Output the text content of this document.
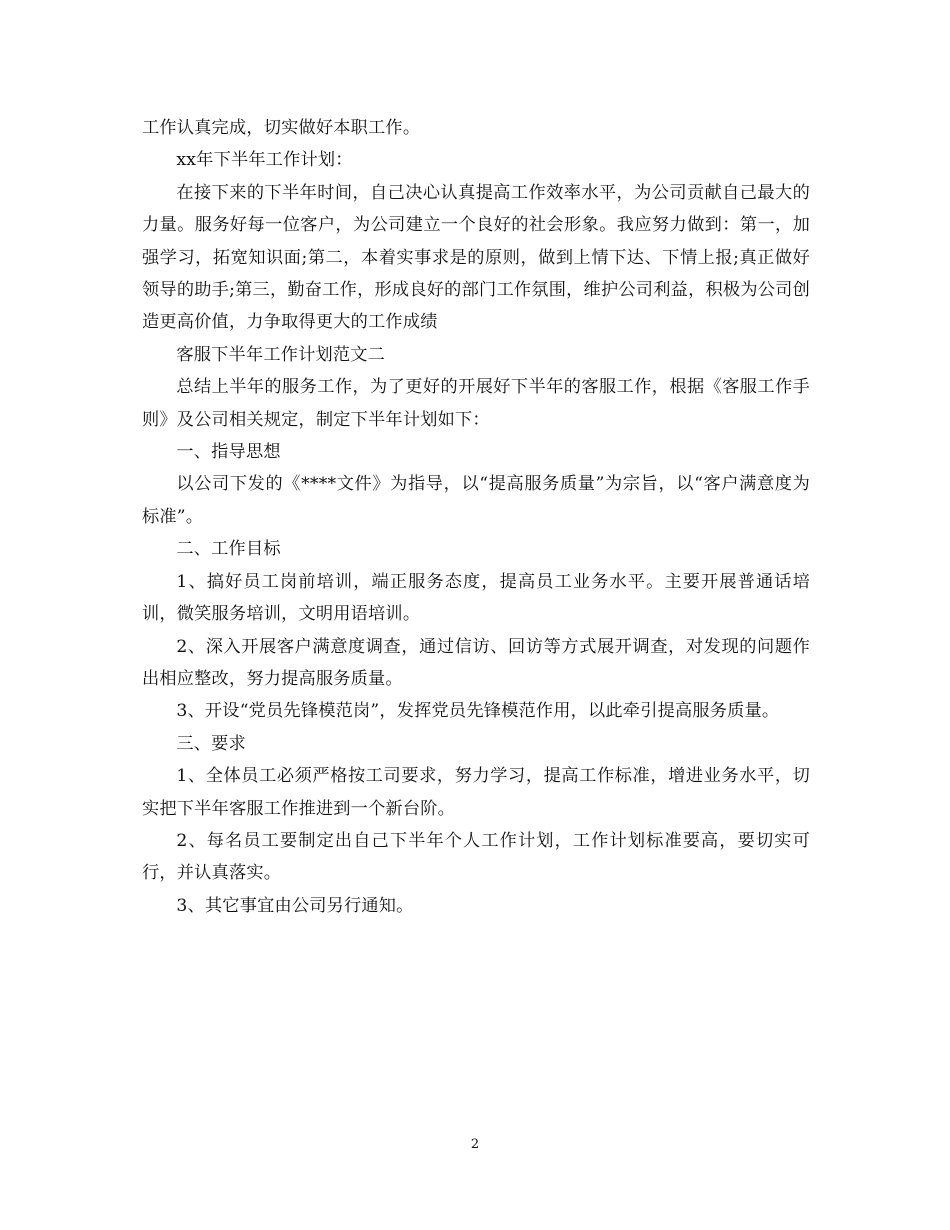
工作认真完成，切实做好本职工作。

xx年下半年工作计划：

在接下来的下半年时间，自己决心认真提高工作效率水平，为公司贡献自己最大的力量。服务好每一位客户，为公司建立一个良好的社会形象。我应努力做到：第一，加强学习，拓宽知识面;第二，本着实事求是的原则，做到上情下达、下情上报;真正做好领导的助手;第三，勤奋工作，形成良好的部门工作氛围，维护公司利益，积极为公司创造更高价值，力争取得更大的工作成绩

客服下半年工作计划范文二

总结上半年的服务工作，为了更好的开展好下半年的客服工作，根据《客服工作手则》及公司相关规定，制定下半年计划如下：

一、指导思想

以公司下发的《****文件》为指导，以“提高服务质量”为宗旨，以“客户满意度为标准”。

二、工作目标

1、搞好员工岗前培训，端正服务态度，提高员工业务水平。主要开展普通话培训，微笑服务培训，文明用语培训。

2、深入开展客户满意度调查，通过信访、回访等方式展开调查，对发现的问题作出相应整改，努力提高服务质量。

3、开设“党员先锋模范岗”，发挥党员先锋模范作用，以此牵引提高服务质量。

三、要求

1、全体员工必须严格按工司要求，努力学习，提高工作标准，增进业务水平，切实把下半年客服工作推进到一个新台阶。

2、每名员工要制定出自己下半年个人工作计划，工作计划标准要高，要切实可行，并认真落实。

3、其它事宜由公司另行通知。

2
